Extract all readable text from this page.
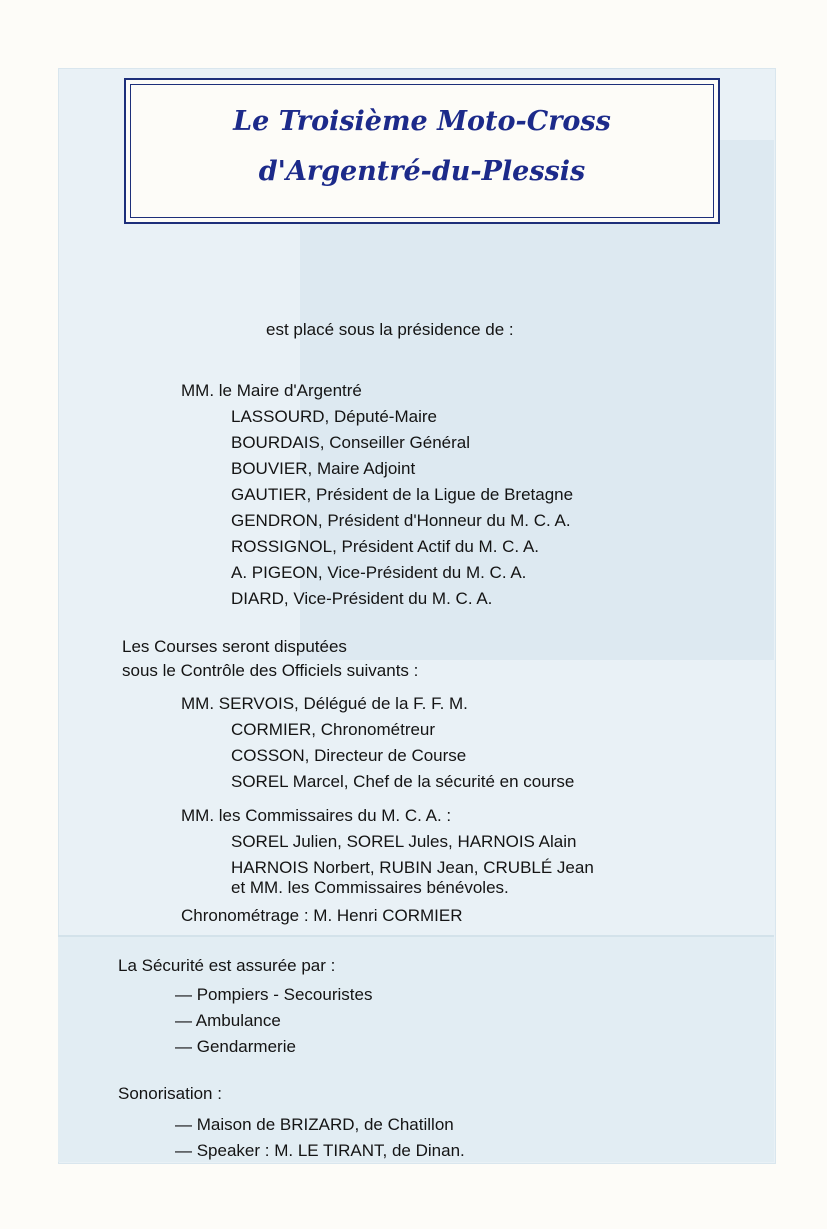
Le Troisième Moto-Cross
d'Argentré-du-Plessis
est placé sous la présidence de :
MM. le Maire d'Argentré
LASSOURD, Député-Maire
BOURDAIS, Conseiller Général
BOUVIER, Maire Adjoint
GAUTIER, Président de la Ligue de Bretagne
GENDRON, Président d'Honneur du M. C. A.
ROSSIGNOL, Président Actif du M. C. A.
A. PIGEON, Vice-Président du M. C. A.
DIARD, Vice-Président du M. C. A.
Les Courses seront disputées
sous le Contrôle des Officiels suivants :
MM. SERVOIS, Délégué de la F. F. M.
CORMIER, Chronométreur
COSSON, Directeur de Course
SOREL Marcel, Chef de la sécurité en course
MM. les Commissaires du M. C. A. :
SOREL Julien, SOREL Jules, HARNOIS Alain
HARNOIS Norbert, RUBIN Jean, CRUBLÉ Jean
et MM. les Commissaires bénévoles.
Chronométrage : M. Henri CORMIER
La Sécurité est assurée par :
— Pompiers - Secouristes
— Ambulance
— Gendarmerie
Sonorisation :
— Maison de BRIZARD, de Chatillon
— Speaker : M. LE TIRANT, de Dinan.
